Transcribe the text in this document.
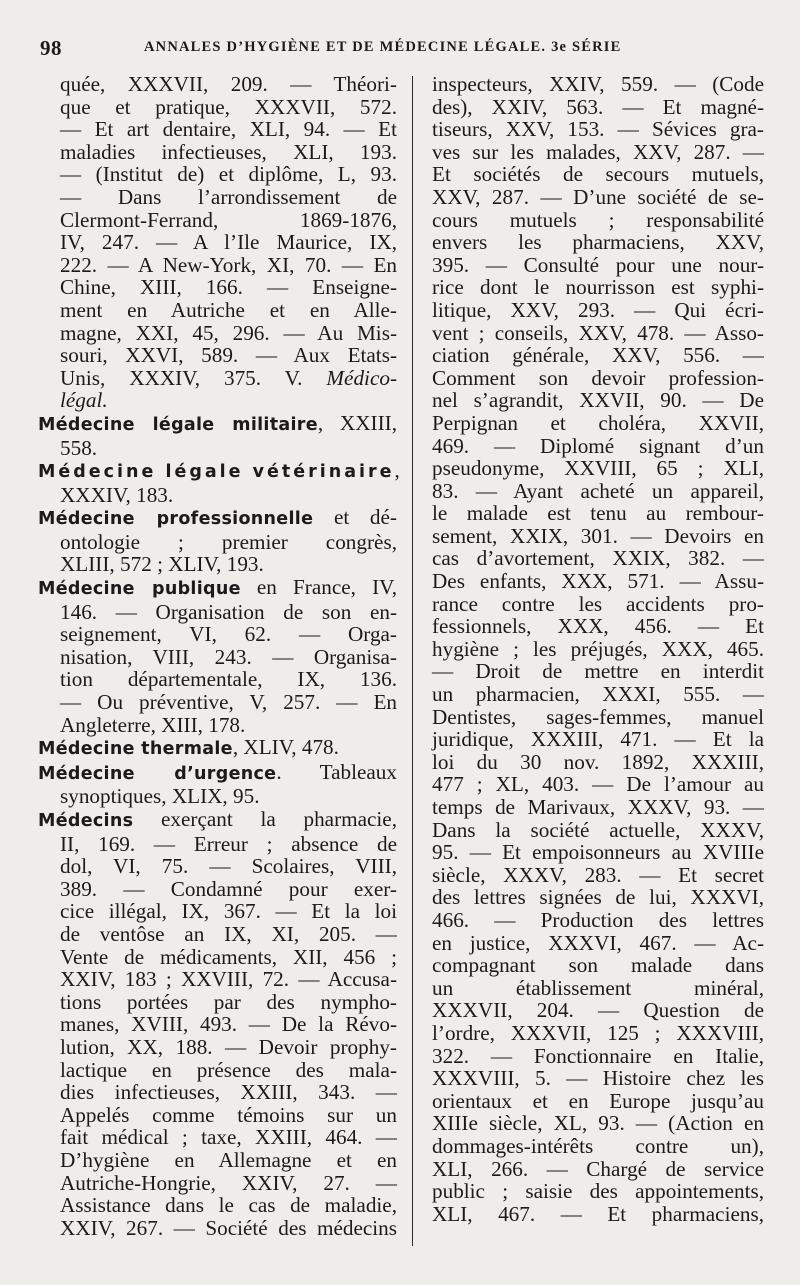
98	ANNALES D’HYGIÈNE ET DE MÉDECINE LÉGALE. 3e SÉRIE
quée, XXXVII, 209. — Théori-
que et pratique, XXXVII, 572.
— Et art dentaire, XLI, 94. — Et
maladies infectieuses, XLI, 193.
— (Institut de) et diplôme, L, 93.
— Dans l’arrondissement de
Clermont-Ferrand, 1869-1876,
IV, 247. — A l’Ile Maurice, IX,
222. — A New-York, XI, 70. — En
Chine, XIII, 166. — Enseigne-
ment en Autriche et en Alle-
magne, XXI, 45, 296. — Au Mis-
souri, XXVI, 589. — Aux Etats-
Unis, XXXIV, 375. V. Médico-
légal.
Médecine légale militaire, XXIII,
558.
Médecine légale vétérinaire,
XXXIV, 183.
Médecine professionnelle et dé-
ontologie ; premier congrès,
XLIII, 572 ; XLIV, 193.
Médecine publique en France, IV,
146. — Organisation de son en-
seignement, VI, 62. — Orga-
nisation, VIII, 243. — Organisa-
tion départementale, IX, 136.
— Ou préventive, V, 257. — En
Angleterre, XIII, 178.
Médecine thermale, XLIV, 478.
Médecine d’urgence. Tableaux
synoptiques, XLIX, 95.
Médecins exerçant la pharmacie,
II, 169. — Erreur ; absence de
dol, VI, 75. — Scolaires, VIII,
389. — Condamné pour exer-
cice illégal, IX, 367. — Et la loi
de ventôse an IX, XI, 205. —
Vente de médicaments, XII, 456 ;
XXIV, 183 ; XXVIII, 72. — Accusa-
tions portées par des nympho-
manes, XVIII, 493. — De la Révo-
lution, XX, 188. — Devoir prophy-
lactique en présence des mala-
dies infectieuses, XXIII, 343. —
Appelés comme témoins sur un
fait médical ; taxe, XXIII, 464. —
D’hygiène en Allemagne et en
Autriche-Hongrie, XXIV, 27. —
Assistance dans le cas de maladie,
XXIV, 267. — Société des médecins
inspecteurs, XXIV, 559. — (Code
des), XXIV, 563. — Et magné-
tiseurs, XXV, 153. — Sévices gra-
ves sur les malades, XXV, 287. —
Et sociétés de secours mutuels,
XXV, 287. — D’une société de se-
cours mutuels ; responsabilité
envers les pharmaciens, XXV,
395. — Consulté pour une nour-
rice dont le nourrisson est syphi-
litique, XXV, 293. — Qui écri-
vent ; conseils, XXV, 478. — Asso-
ciation générale, XXV, 556. —
Comment son devoir profession-
nel s’agrandit, XXVII, 90. — De
Perpignan et choléra, XXVII,
469. — Diplomé signant d’un
pseudonyme, XXVIII, 65 ; XLI,
83. — Ayant acheté un appareil,
le malade est tenu au rembour-
sement, XXIX, 301. — Devoirs en
cas d’avortement, XXIX, 382. —
Des enfants, XXX, 571. — Assu-
rance contre les accidents pro-
fessionnels, XXX, 456. — Et
hygiène ; les préjugés, XXX, 465.
— Droit de mettre en interdit
un pharmacien, XXXI, 555. —
Dentistes, sages-femmes, manuel
juridique, XXXIII, 471. — Et la
loi du 30 nov. 1892, XXXIII,
477 ; XL, 403. — De l’amour au
temps de Marivaux, XXXV, 93. —
Dans la société actuelle, XXXV,
95. — Et empoisonneurs au XVIIIe
siècle, XXXV, 283. — Et secret
des lettres signées de lui, XXXVI,
466. — Production des lettres
en justice, XXXVI, 467. — Ac-
compagnant son malade dans
un établissement minéral,
XXXVII, 204. — Question de
l’ordre, XXXVII, 125 ; XXXVIII,
322. — Fonctionnaire en Italie,
XXXVIII, 5. — Histoire chez les
orientaux et en Europe jusqu’au
XIIIe siècle, XL, 93. — (Action en
dommages-intérêts contre un),
XLI, 266. — Chargé de service
public ; saisie des appointements,
XLI, 467. — Et pharmaciens,
